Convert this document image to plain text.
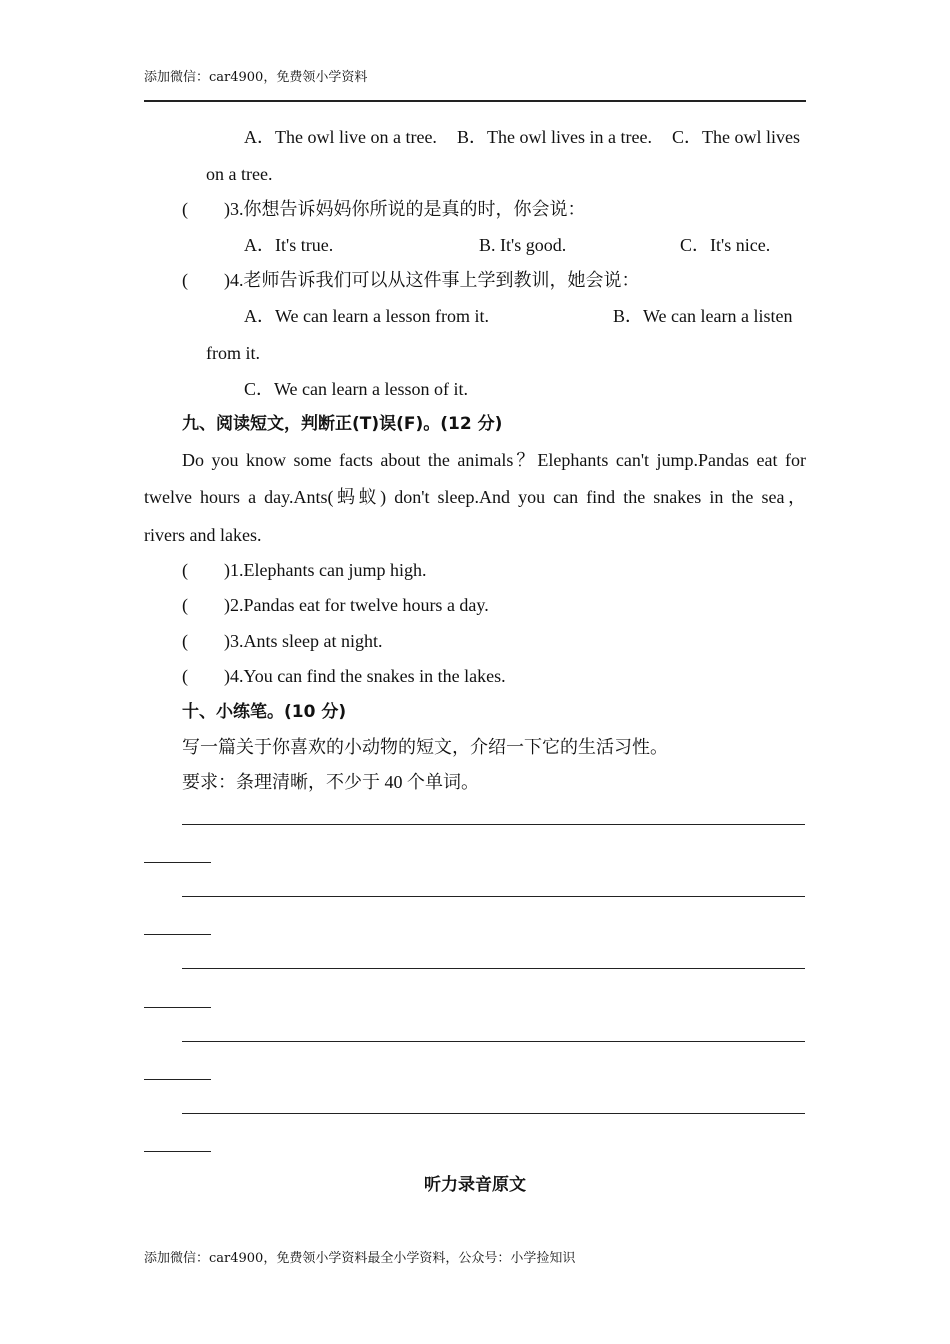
添加微信：car4900，免费领小学资料
A．The owl live on a tree. B．The owl lives in a tree. C．The owl lives
on a tree.
(　　)3.你想告诉妈妈你所说的是真的时，你会说：
A．It's true.	B. It's good.	C．It's nice.
(　　)4.老师告诉我们可以从这件事上学到教训，她会说：
A．We can learn a lesson from it.	B．We can learn a listen
from it.
C．We can learn a lesson of it.
九、阅读短文，判断正(T)误(F)。(12 分)
Do you know some facts about the animals？Elephants can't jump.Pandas eat for
twelve hours a day.Ants(蚂蚁) don't sleep.And you can find the snakes in the sea，
rivers and lakes.
(　　)1.Elephants can jump high.
(　　)2.Pandas eat for twelve hours a day.
(　　)3.Ants sleep at night.
(　　)4.You can find the snakes in the lakes.
十、小练笔。(10 分)
写一篇关于你喜欢的小动物的短文，介绍一下它的生活习性。
要求：条理清晰，不少于 40 个单词。
听力录音原文
添加微信：car4900，免费领小学资料最全小学资料，公众号：小学捡知识
